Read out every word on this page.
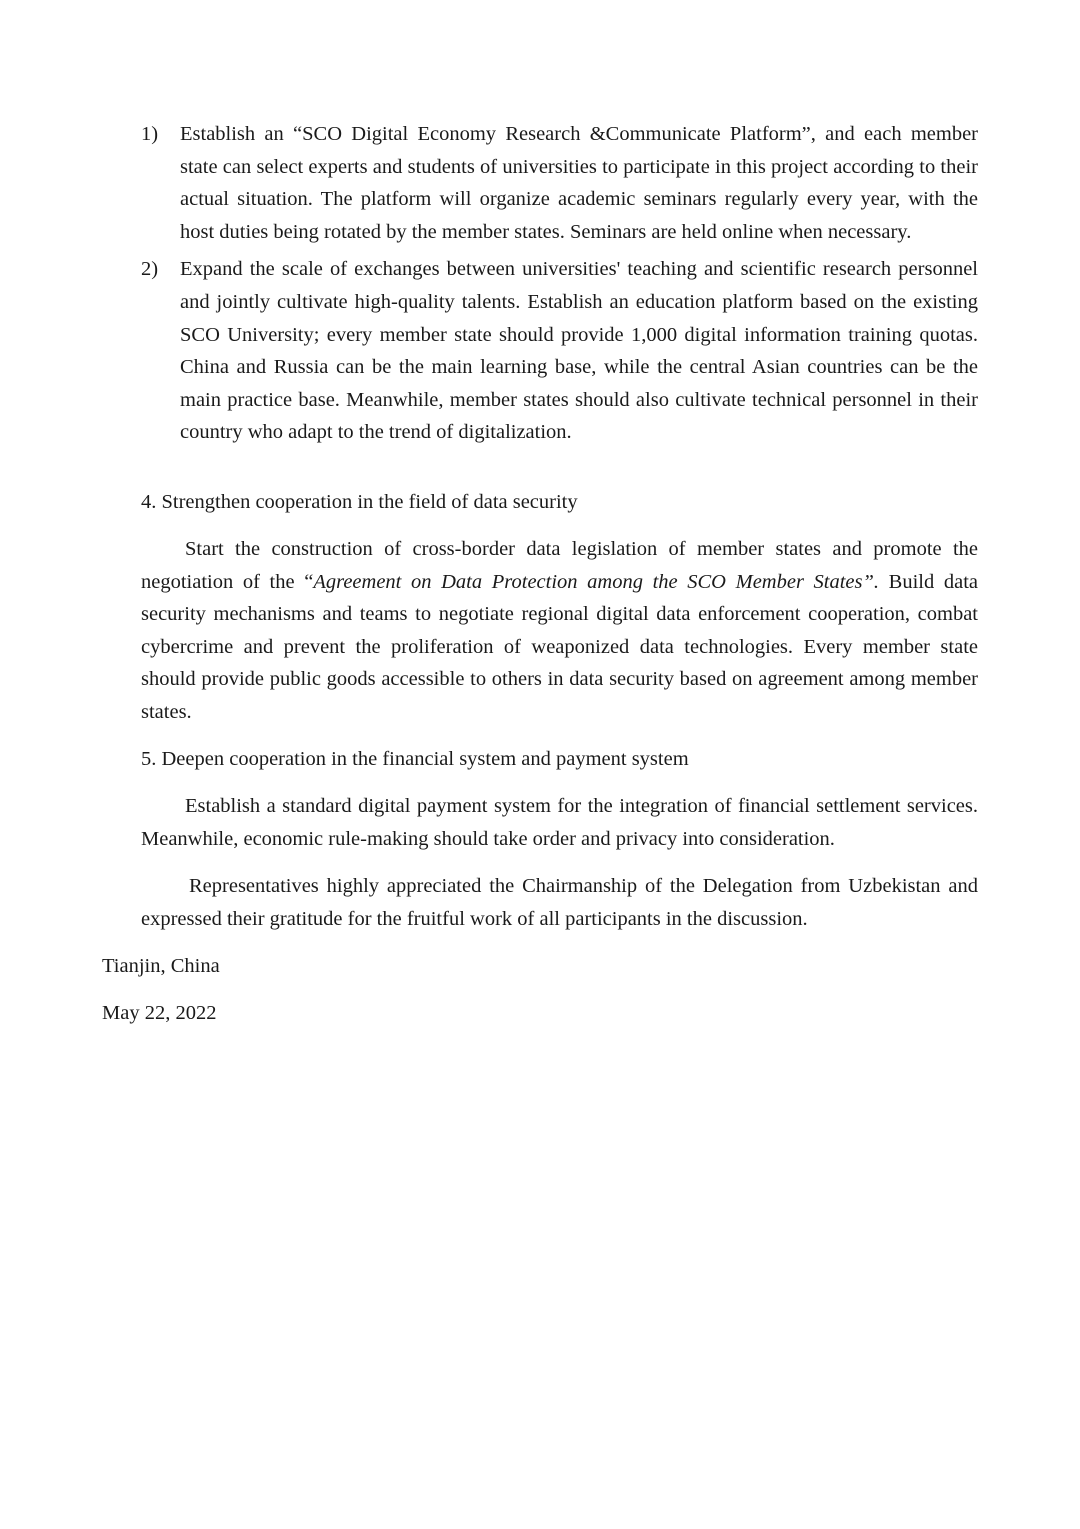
1) Establish an “SCO Digital Economy Research &Communicate Platform”, and each member state can select experts and students of universities to participate in this project according to their actual situation. The platform will organize academic seminars regularly every year, with the host duties being rotated by the member states. Seminars are held online when necessary.
2) Expand the scale of exchanges between universities' teaching and scientific research personnel and jointly cultivate high-quality talents. Establish an education platform based on the existing SCO University; every member state should provide 1,000 digital information training quotas. China and Russia can be the main learning base, while the central Asian countries can be the main practice base. Meanwhile, member states should also cultivate technical personnel in their country who adapt to the trend of digitalization.
4. Strengthen cooperation in the field of data security

Start the construction of cross-border data legislation of member states and promote the negotiation of the “Agreement on Data Protection among the SCO Member States”. Build data security mechanisms and teams to negotiate regional digital data enforcement cooperation, combat cybercrime and prevent the proliferation of weaponized data technologies. Every member state should provide public goods accessible to others in data security based on agreement among member states.

5. Deepen cooperation in the financial system and payment system

Establish a standard digital payment system for the integration of financial settlement services. Meanwhile, economic rule-making should take order and privacy into consideration.

Representatives highly appreciated the Chairmanship of the Delegation from Uzbekistan and expressed their gratitude for the fruitful work of all participants in the discussion.

Tianjin, China
May 22, 2022
